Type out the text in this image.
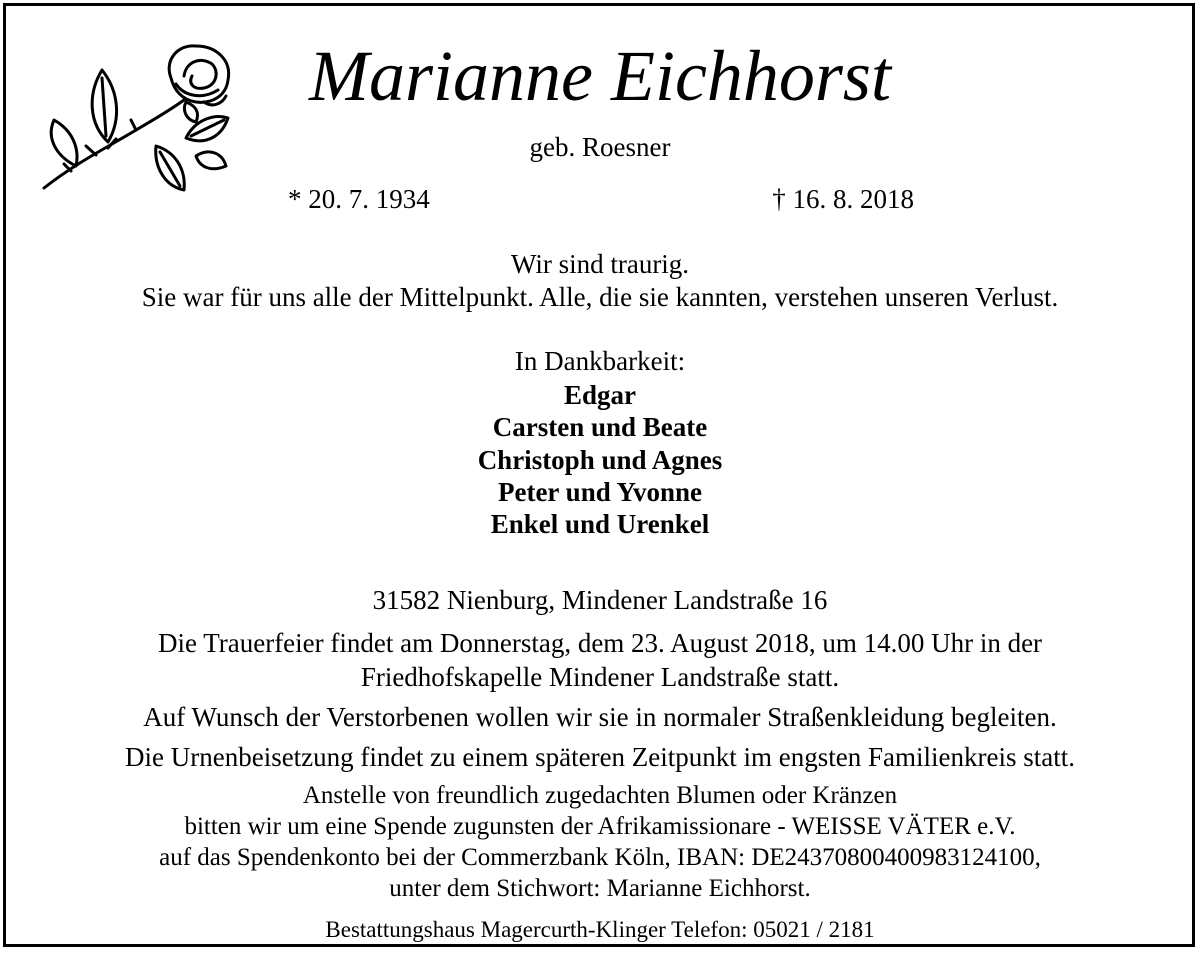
Marianne Eichhorst
geb. Roesner
* 20. 7. 1934	† 16. 8. 2018
Wir sind traurig.
Sie war für uns alle der Mittelpunkt. Alle, die sie kannten, verstehen unseren Verlust.
In Dankbarkeit:
Edgar
Carsten und Beate
Christoph und Agnes
Peter und Yvonne
Enkel und Urenkel
31582 Nienburg, Mindener Landstraße 16
Die Trauerfeier findet am Donnerstag, dem 23. August 2018, um 14.00 Uhr in der
Friedhofskapelle Mindener Landstraße statt.
Auf Wunsch der Verstorbenen wollen wir sie in normaler Straßenkleidung begleiten.
Die Urnenbeisetzung findet zu einem späteren Zeitpunkt im engsten Familienkreis statt.
Anstelle von freundlich zugedachten Blumen oder Kränzen
bitten wir um eine Spende zugunsten der Afrikamissionare - WEISSE VÄTER e.V.
auf das Spendenkonto bei der Commerzbank Köln, IBAN: DE24370800400983124100,
unter dem Stichwort: Marianne Eichhorst.
Bestattungshaus Magercurth-Klinger Telefon: 05021 / 2181
